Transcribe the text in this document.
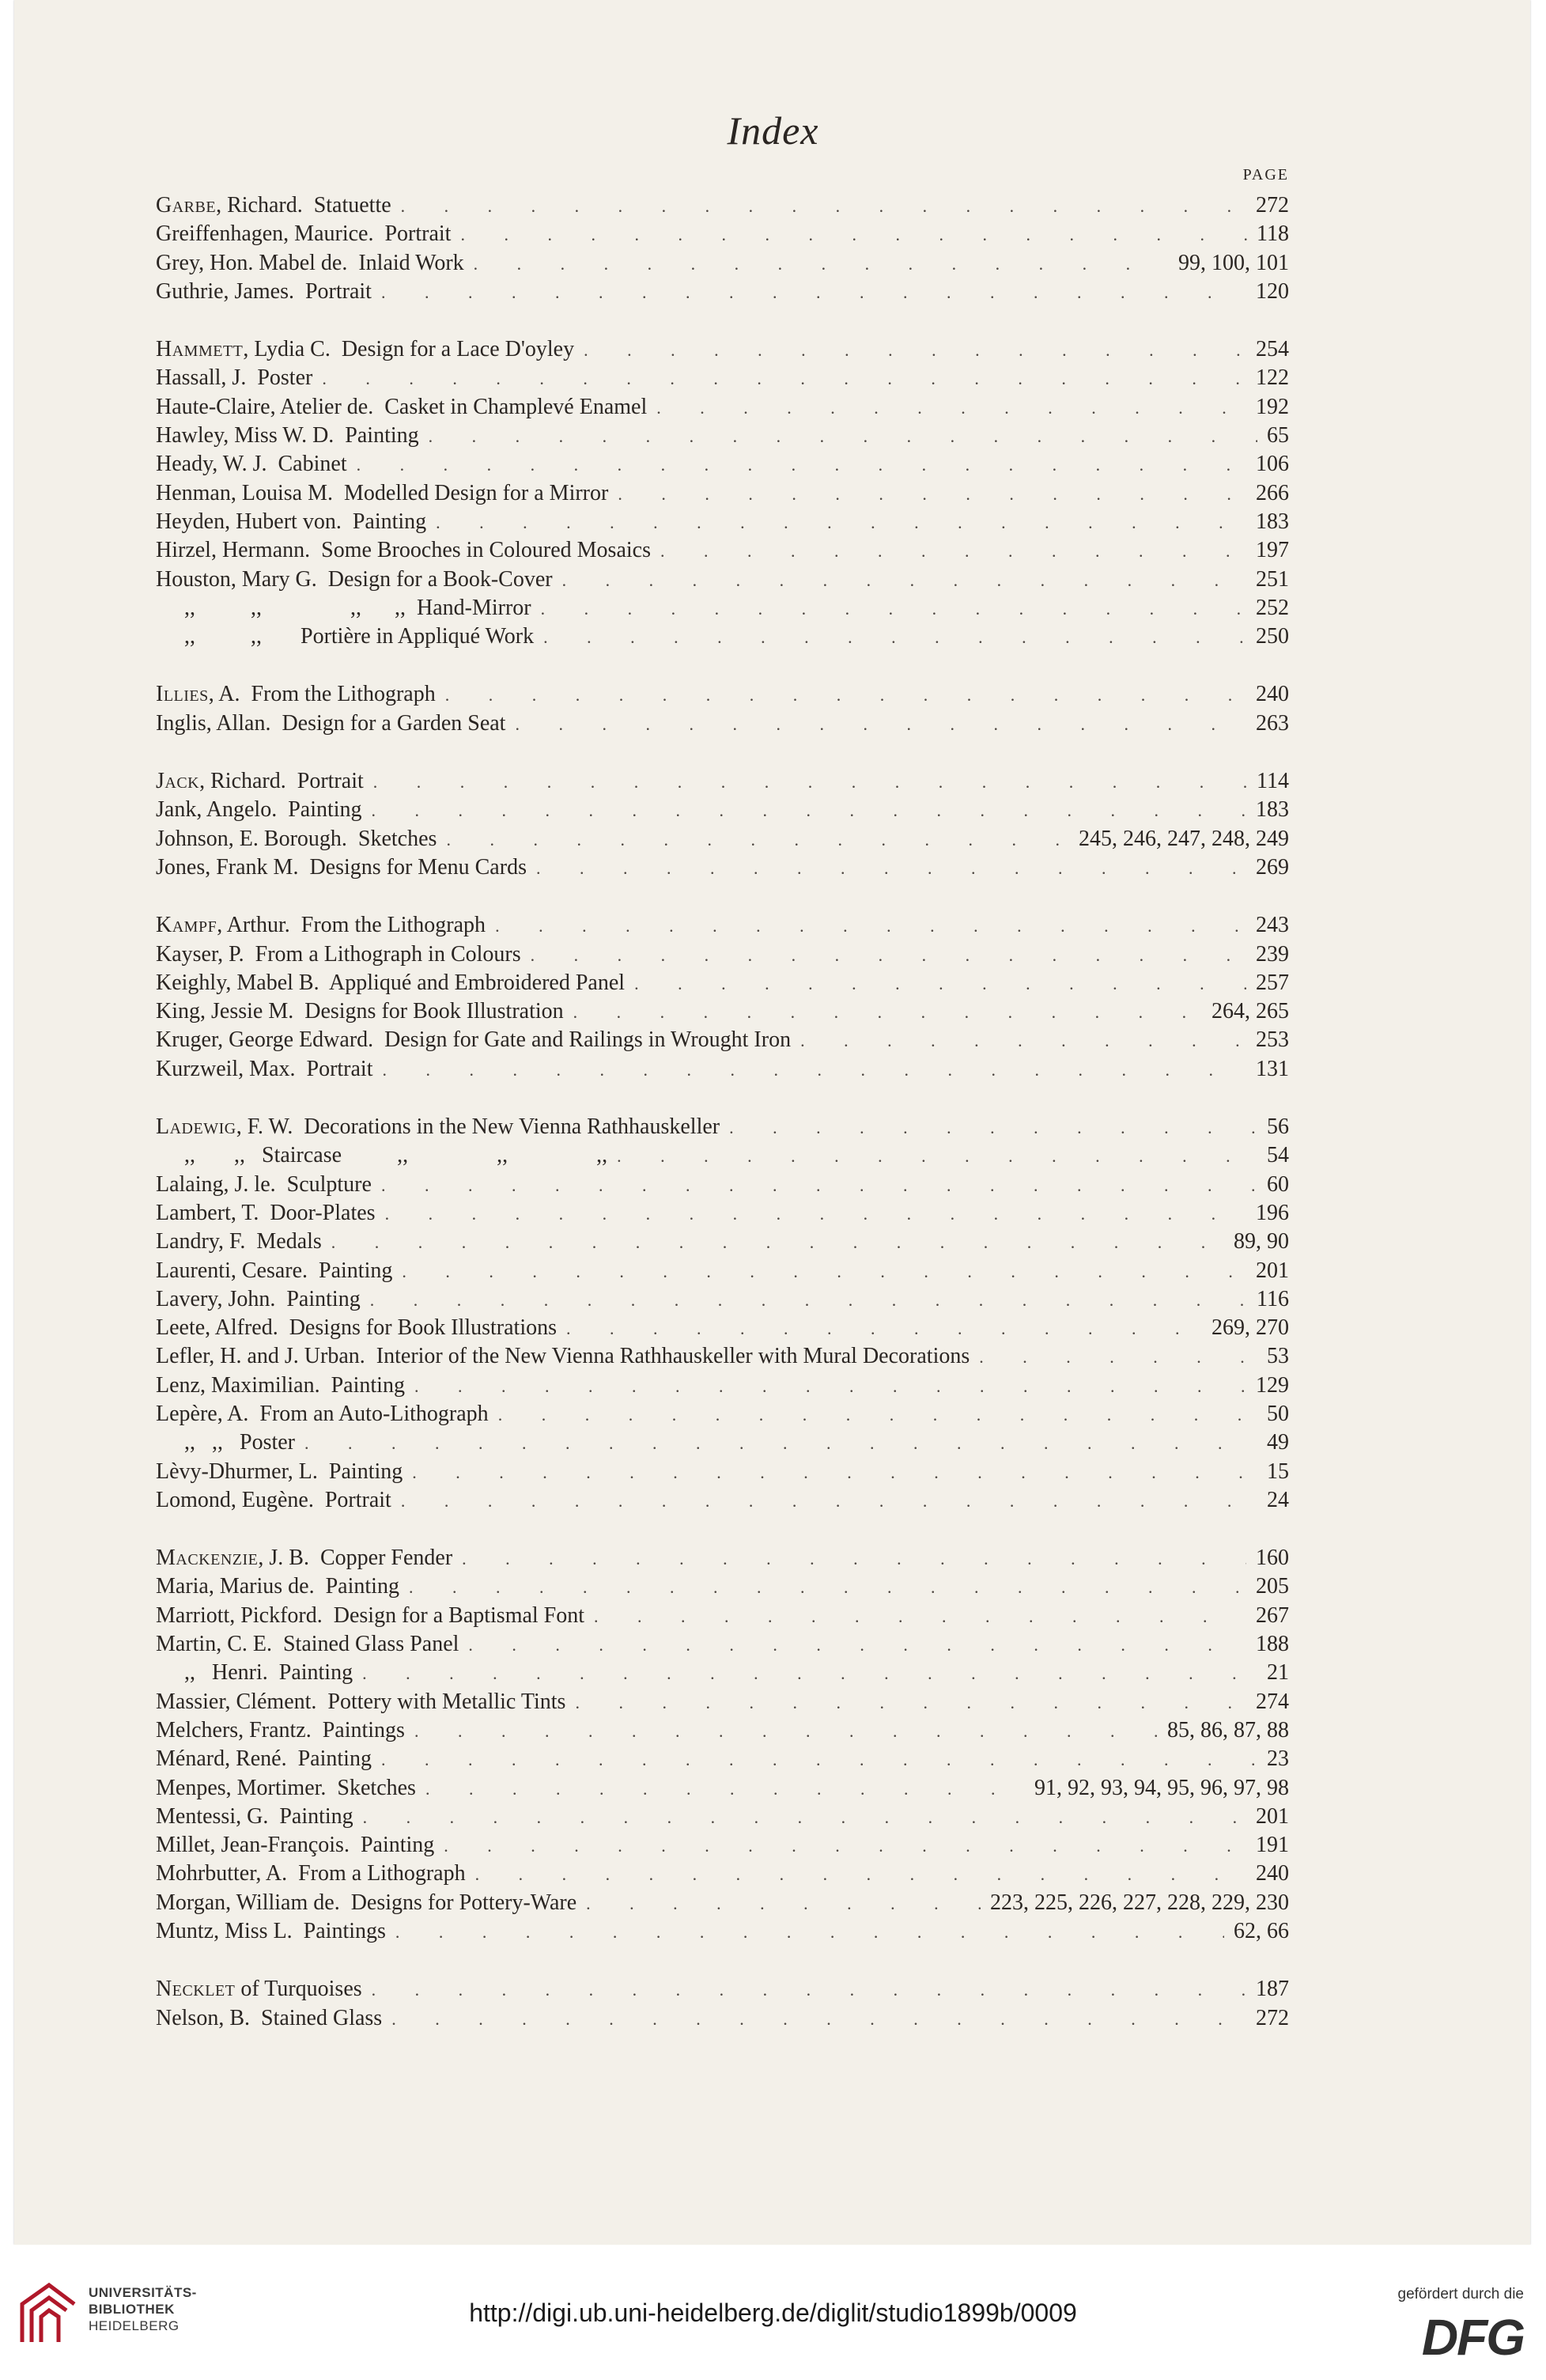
Index
PAGE
Garbe, Richard.  Statuette . . .	272
Greiffenhagen, Maurice.  Portrait . . .	118
Grey, Hon. Mabel de.  Inlaid Work . . .	99, 100, 101
Guthrie, James.  Portrait . . .	120
Hammett, Lydia C.  Design for a Lace D'oyley . . .	254
Hassall, J.  Poster . . .	122
Haute-Claire, Atelier de.  Casket in Champlevé Enamel . . .	192
Hawley, Miss W. D.  Painting . . .	65
Heady, W. J.  Cabinet . . .	106
Henman, Louisa M.  Modelled Design for a Mirror . . .	266
Heyden, Hubert von.  Painting . . .	183
Hirzel, Hermann.  Some Brooches in Coloured Mosaics . . .	197
Houston, Mary G.  Design for a Book-Cover . . .	251
,,          ,,                ,,      ,,  Hand-Mirror . . .	252
,,          ,,       Portière in Appliqué Work . . .	250
Illies, A.  From the Lithograph . . .	240
Inglis, Allan.  Design for a Garden Seat . . .	263
Jack, Richard.  Portrait . . .	114
Jank, Angelo.  Painting . . .	183
Johnson, E. Borough.  Sketches . . .	245, 246, 247, 248, 249
Jones, Frank M.  Designs for Menu Cards . . .	269
Kampf, Arthur.  From the Lithograph . . .	243
Kayser, P.  From a Lithograph in Colours . . .	239
Keighly, Mabel B.  Appliqué and Embroidered Panel . . .	257
King, Jessie M.  Designs for Book Illustration . . .	264, 265
Kruger, George Edward.  Design for Gate and Railings in Wrought Iron . . .	253
Kurzweil, Max.  Portrait . . .	131
Ladewig, F. W.  Decorations in the New Vienna Rathhauskeller . . .	56
,,       ,,   Staircase          ,,                ,,                ,, . . .	54
Lalaing, J. le.  Sculpture . . .	60
Lambert, T.  Door-Plates . . .	196
Landry, F.  Medals . . .	89, 90
Laurenti, Cesare.  Painting . . .	201
Lavery, John.  Painting . . .	116
Leete, Alfred.  Designs for Book Illustrations . . .	269, 270
Lefler, H. and J. Urban.  Interior of the New Vienna Rathhauskeller with Mural Decorations . . .	53
Lenz, Maximilian.  Painting . . .	129
Lepère, A.  From an Auto-Lithograph . . .	50
,,   ,,   Poster . . .	49
Lèvy-Dhurmer, L.  Painting . . .	15
Lomond, Eugène.  Portrait . . .	24
Mackenzie, J. B.  Copper Fender . . .	160
Maria, Marius de.  Painting . . .	205
Marriott, Pickford.  Design for a Baptismal Font . . .	267
Martin, C. E.  Stained Glass Panel . . .	188
,,   Henri.  Painting . . .	21
Massier, Clément.  Pottery with Metallic Tints . . .	274
Melchers, Frantz.  Paintings . . .	85, 86, 87, 88
Ménard, René.  Painting . . .	23
Menpes, Mortimer.  Sketches . . .	91, 92, 93, 94, 95, 96, 97, 98
Mentessi, G.  Painting . . .	201
Millet, Jean-François.  Painting . . .	191
Mohrbutter, A.  From a Lithograph . . .	240
Morgan, William de.  Designs for Pottery-Ware . . .	223, 225, 226, 227, 228, 229, 230
Muntz, Miss L.  Paintings . . .	62, 66
Necklet of Turquoises . . .	187
Nelson, B.  Stained Glass . . .	272
UNIVERSITÄTS-
BIBLIOTHEK
HEIDELBERG	http://digi.ub.uni-heidelberg.de/diglit/studio1899b/0009
gefördert durch die
DFG
